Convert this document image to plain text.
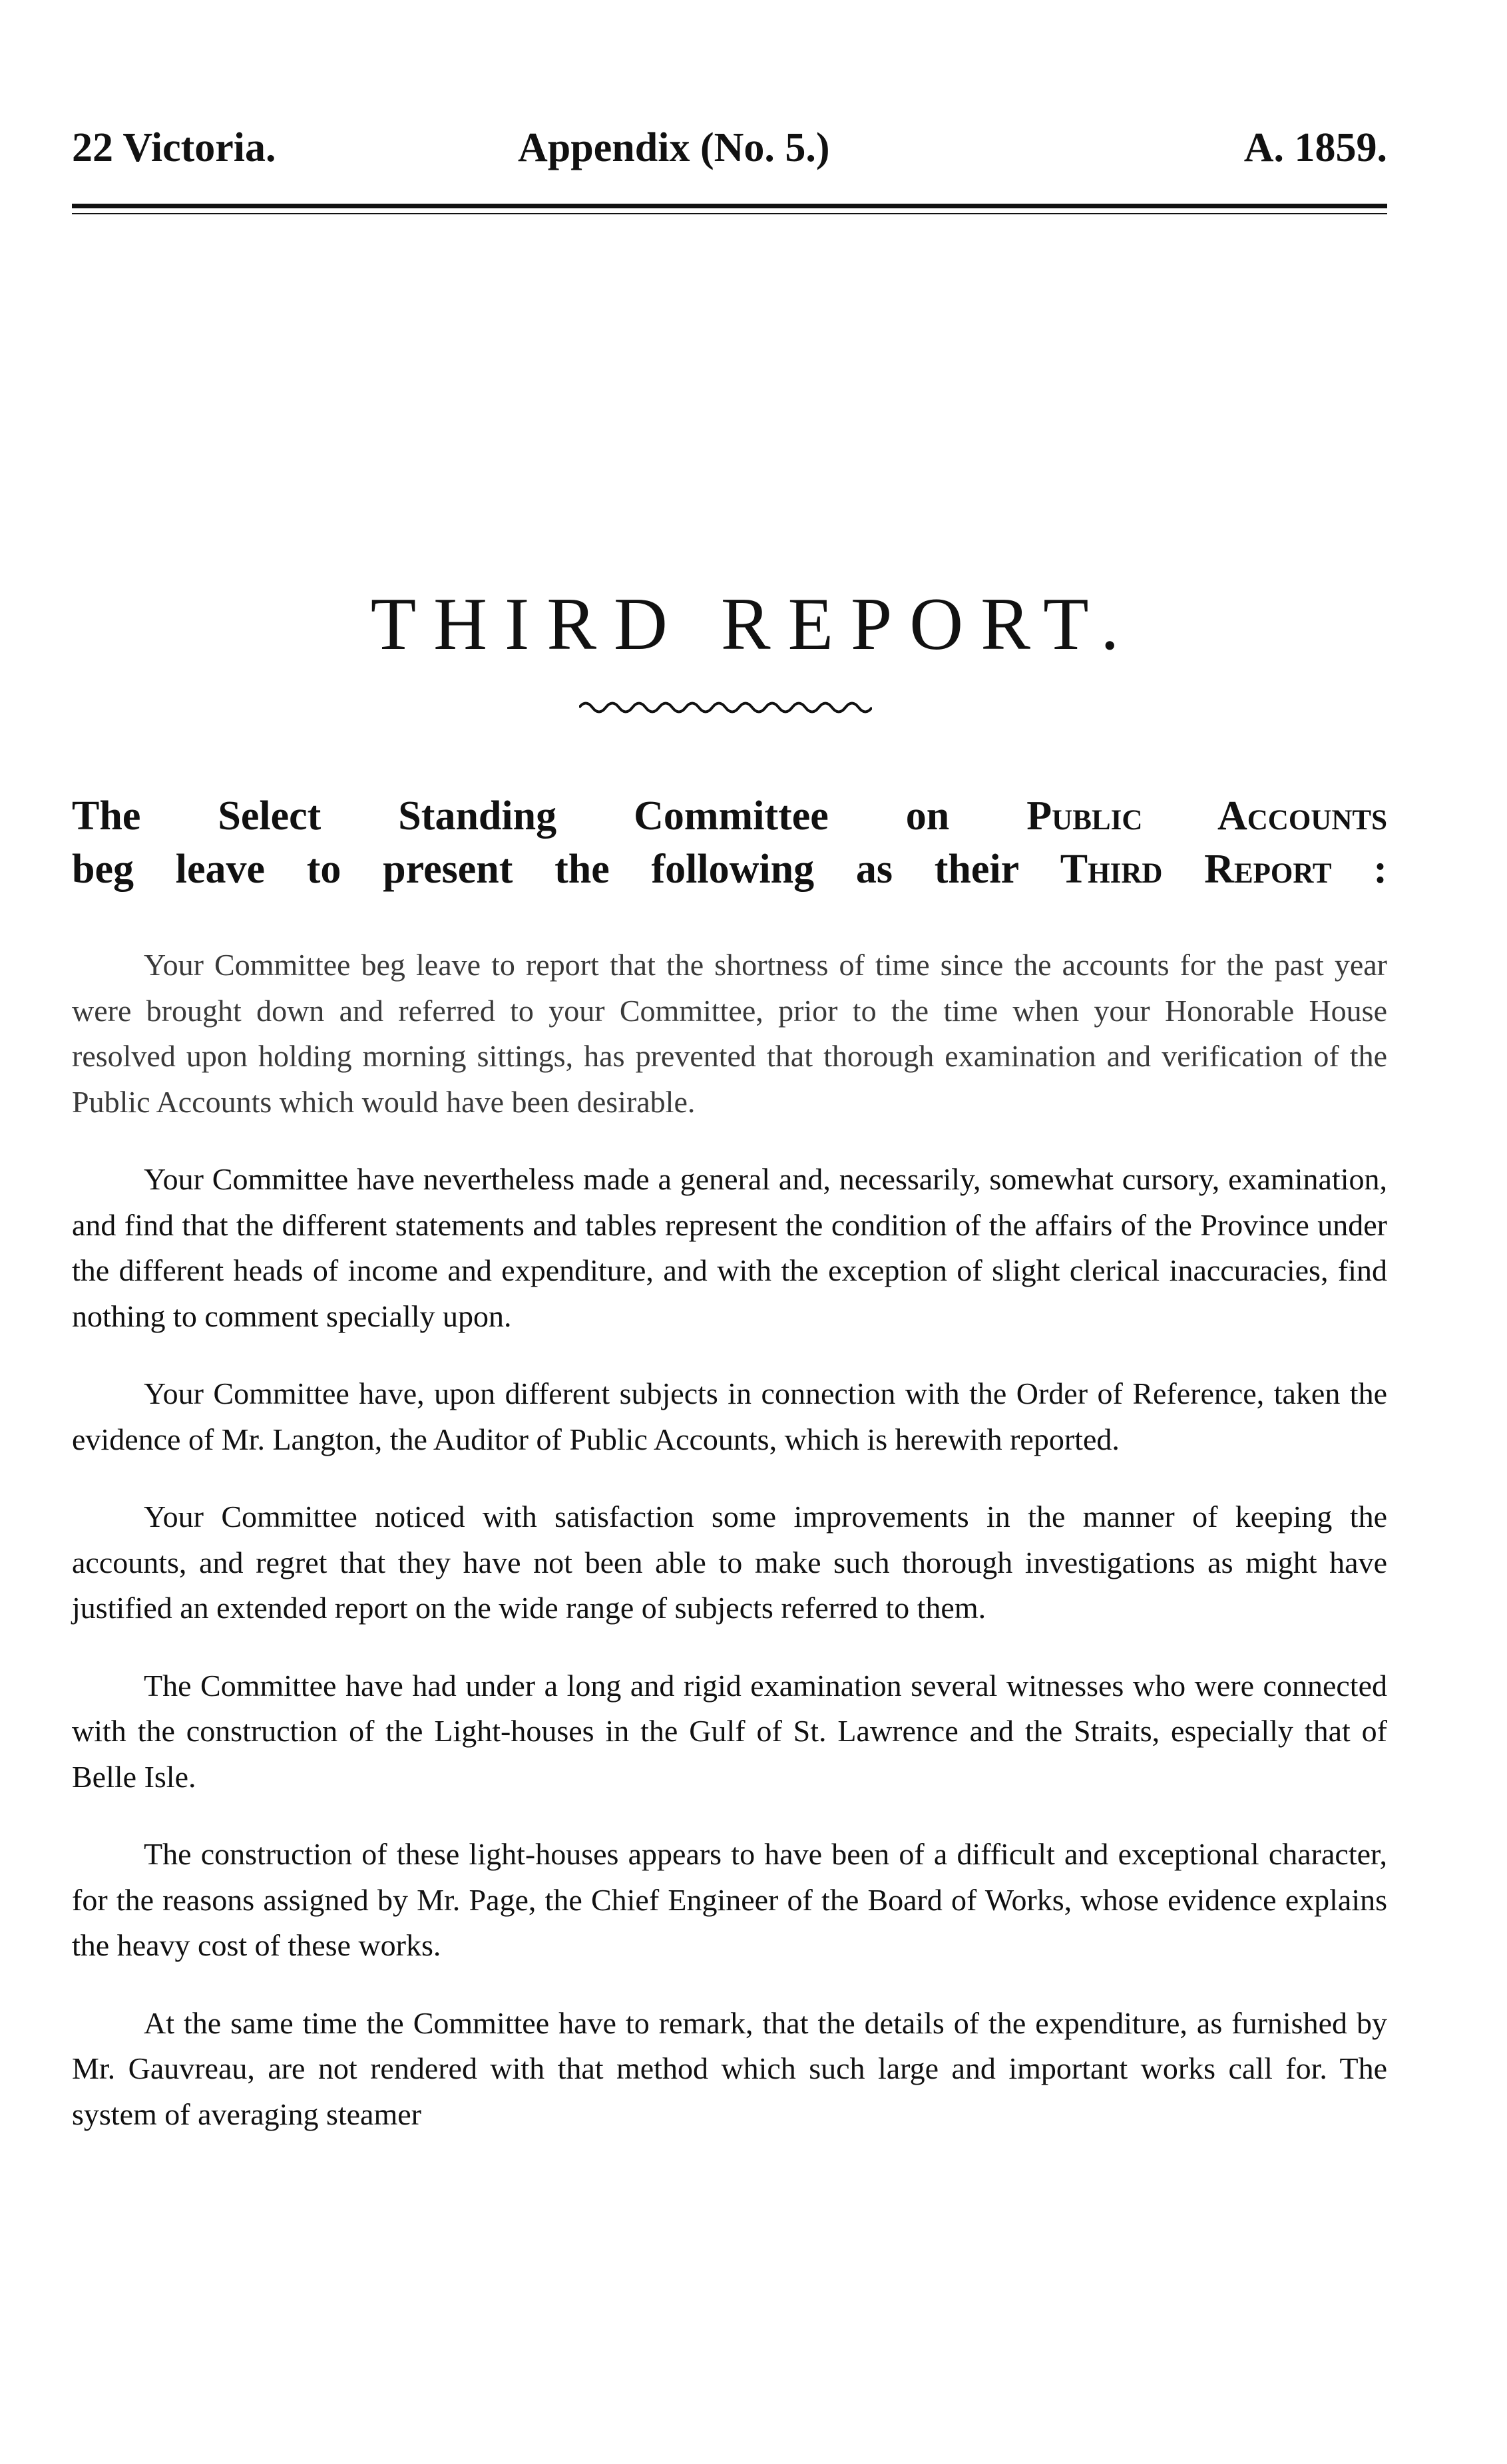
22 Victoria.	Appendix (No. 5.)	A. 1859.
THIRD REPORT.

The Select Standing Committee on Public Accounts
beg leave to present the following as their Third Report :

Your Committee beg leave to report that the shortness of time since the accounts for the past year were brought down and referred to your Committee, prior to the time when your Honorable House resolved upon holding morning sittings, has prevented that thorough examination and verification of the Public Accounts which would have been desirable.

Your Committee have nevertheless made a general and, necessarily, somewhat cursory, examination, and find that the different statements and tables represent the condition of the affairs of the Province under the different heads of income and expenditure, and with the exception of slight clerical inaccuracies, find nothing to comment specially upon.

Your Committee have, upon different subjects in connection with the Order of Reference, taken the evidence of Mr. Langton, the Auditor of Public Accounts, which is herewith reported.

Your Committee noticed with satisfaction some improvements in the manner of keeping the accounts, and regret that they have not been able to make such thorough investigations as might have justified an extended report on the wide range of subjects referred to them.

The Committee have had under a long and rigid examination several witnesses who were connected with the construction of the Light-houses in the Gulf of St. Lawrence and the Straits, especially that of Belle Isle.

The construction of these light-houses appears to have been of a difficult and exceptional character, for the reasons assigned by Mr. Page, the Chief Engineer of the Board of Works, whose evidence explains the heavy cost of these works.

At the same time the Committee have to remark, that the details of the expenditure, as furnished by Mr. Gauvreau, are not rendered with that method which such large and important works call for. The system of averaging steamer
